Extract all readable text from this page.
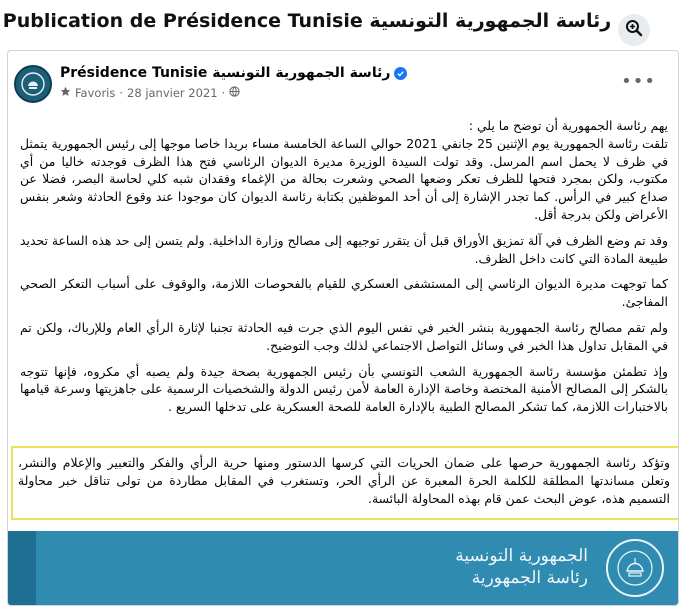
Publication de Présidence Tunisie رئاسة الجمهورية التونسية
Présidence Tunisie رئاسة الجمهورية التونسية
Favoris · 28 janvier 2021 ·
•••

يهم رئاسة الجمهورية أن توضح ما يلي :

تلقت رئاسة الجمهورية يوم الإثنين 25 جانفي 2021 حوالي الساعة الخامسة مساء بريدا خاصا موجها إلى رئيس الجمهورية يتمثل في ظرف لا يحمل اسم المرسل. وقد تولت السيدة الوزيرة مديرة الديوان الرئاسي فتح هذا الظرف فوجدته خاليا من أي مكتوب، ولكن بمجرد فتحها للظرف تعكر وضعها الصحي وشعرت بحالة من الإغماء وفقدان شبه كلي لحاسة البصر، فضلا عن صداع كبير في الرأس. كما تجدر الإشارة إلى أن أحد الموظفين بكتابة رئاسة الديوان كان موجودا عند وقوع الحادثة وشعر بنفس الأعراض ولكن بدرجة أقل.

وقد تم وضع الظرف في آلة تمزيق الأوراق قبل أن يتقرر توجيهه إلى مصالح وزارة الداخلية. ولم يتسن إلى حد هذه الساعة تحديد طبيعة المادة التي كانت داخل الظرف.

كما توجهت مديرة الديوان الرئاسي إلى المستشفى العسكري للقيام بالفحوصات اللازمة، والوقوف على أسباب التعكر الصحي المفاجئ.

ولم تقم مصالح رئاسة الجمهورية بنشر الخبر في نفس اليوم الذي جرت فيه الحادثة تجنبا لإثارة الرأي العام وللإرباك، ولكن تم في المقابل تداول هذا الخبر في وسائل التواصل الاجتماعي لذلك وجب التوضيح.

وإذ تطمئن مؤسسة رئاسة الجمهورية الشعب التونسي بأن رئيس الجمهورية بصحة جيدة ولم يصبه أي مكروه، فإنها تتوجه بالشكر إلى المصالح الأمنية المختصة وخاصة الإدارة العامة لأمن رئيس الدولة والشخصيات الرسمية على جاهزيتها وسرعة قيامها بالاختبارات اللازمة، كما تشكر المصالح الطبية بالإدارة العامة للصحة العسكرية على تدخلها السريع .

وتؤكد رئاسة الجمهورية حرصها على ضمان الحريات التي كرسها الدستور ومنها حرية الرأي والفكر والتعبير والإعلام والنشر، وتعلن مساندتها المطلقة للكلمة الحرة المعبرة عن الرأي الحر، وتستغرب في المقابل مطاردة من تولى تناقل خبر محاولة التسميم هذه، عوض البحث عمن قام بهذه المحاولة البائسة.
الجمهورية التونسية
رئاسة الجمهورية
